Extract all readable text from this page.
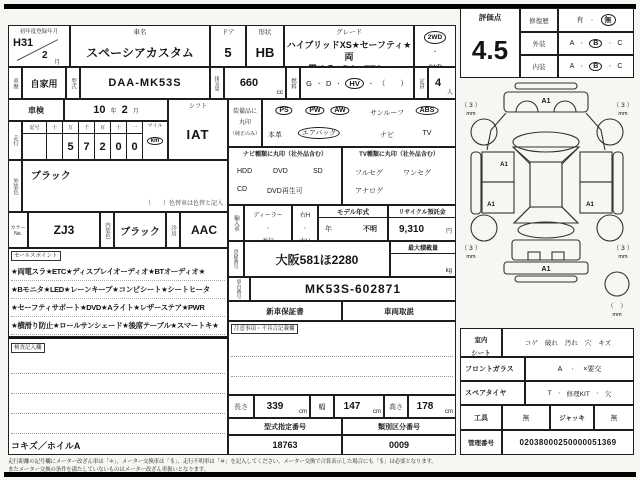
初年度登録年月
H31
2
月
車名
スペーシアカスタム
ドア
5
形状
HB
グレード
ハイブリッドXS★セーフティ★両

2WD
・

車歴	自家用	型式	DAA-MK53S	排気量	660
cc
燃料 G ・ D ・	HV	・ （　　） 定員 4
人
車検	10 年 2 月
シフト
IAT
走行
記号	十	万	千	百	十	一
5 7 2 0 0
マイル
km
外装色
ブラック
（　　）色替車は色替と記入
カラーNo.	ZJ3	内装色	ブラック	冷房	AAC
セールスポイント
★両電スラ★ETC★ディスプレイオーディオ★BTオーディオ★
★Bモニタ★LED★レーンキープ★コンビシート★シートヒータ
★セーフティサポート★DVD★Aライト★レザーステア★PWR
★横滑り防止★ロールサンシェード★後席テーブル★スマートキ★
検査記入欄
コキズ／ホイルA
装備品に
丸印
（純正のみ）
PS	PW	AW	サンルーフ	ABS
本革	エアバック	ナビ	TV
ナビ種類に丸印（社外品含む）
HDD	DVD	SD
CD	DVD再生可
TV種類に丸印（社外品含む）
フルセグ	ワンセグ
アナログ
輸入車	ディーラー
・

右H
・

モデル年式
年	不明
リサイクル預託金
9,310	円
登録番号	大阪581ほ2280
最大積載量
kg
車台番号	MK53S-602871
新車保証書	車両取説
注意事項・不具合記載欄
長さ	339	cm
幅	147	cm
高さ	178	cm
型式指定番号	類別区分番号
18763	0009
評価点
4.5
修復歴	有 ・	無
外装	A ・	B	・ C
内装	A ・	B	・ C
A1
A1
A1	A1
A1
（ 3 ）
mm
（ 3 ）
mm
（ 3 ）
mm
（ 3 ）
mm
（　）
mm
室内
シート
コゲ 破れ 汚れ 穴 キズ
フロントガラス	A ・ ×要交
スペアタイヤ	T ・ 修理KIT ・ 欠
工具	無	ジャッキ	無
管理番号	02038000250000051369
走行距離の記号欄にメーター改ざん車は「＊」、メーター交換車は「＄」、走行不明車は「＃」を記入してください。メーター交換で合算表示した場合にも「＄」は必要となります。
またメーター交換の条件を満たしていないものはメーター改ざん車扱いとなります。
